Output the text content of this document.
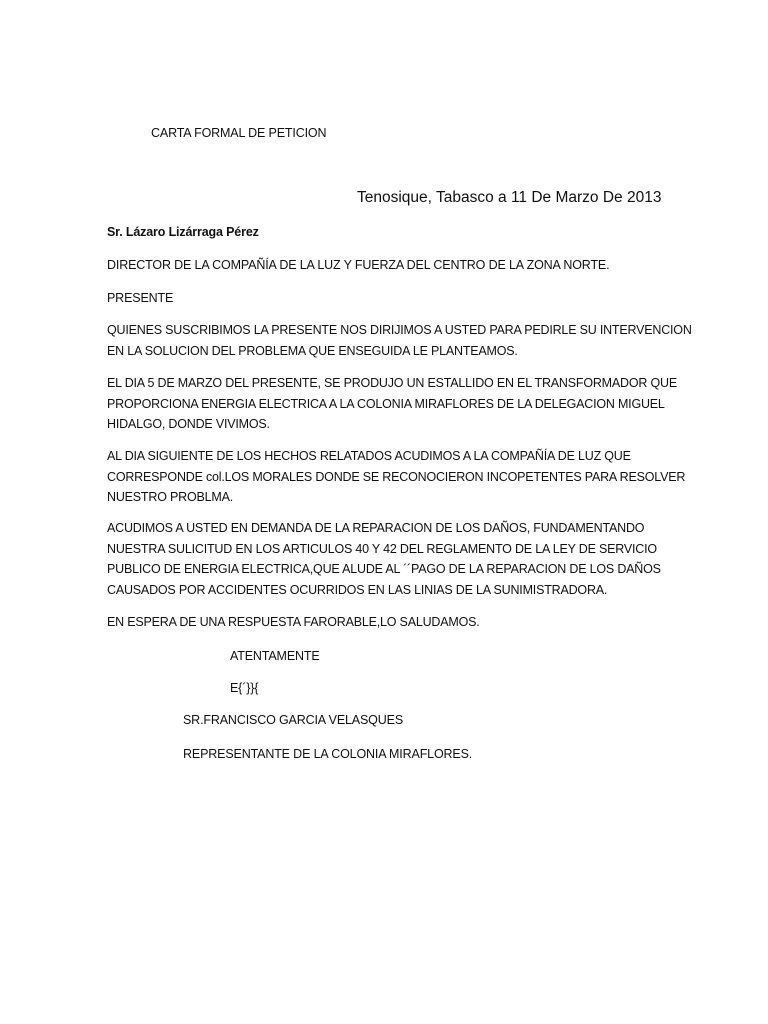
CARTA FORMAL DE PETICION
Tenosique, Tabasco a 11 De Marzo De 2013
Sr. Lázaro Lizárraga Pérez
DIRECTOR DE LA COMPAÑÍA DE LA LUZ Y FUERZA DEL CENTRO DE LA ZONA NORTE.
PRESENTE
QUIENES SUSCRIBIMOS LA PRESENTE NOS DIRIJIMOS A USTED PARA PEDIRLE SU INTERVENCION
EN LA SOLUCION DEL PROBLEMA QUE ENSEGUIDA LE PLANTEAMOS.
EL DIA 5 DE MARZO DEL PRESENTE, SE PRODUJO UN ESTALLIDO EN EL TRANSFORMADOR QUE
PROPORCIONA ENERGIA ELECTRICA A LA COLONIA MIRAFLORES DE LA DELEGACION MIGUEL
HIDALGO, DONDE VIVIMOS.
AL DIA SIGUIENTE DE LOS HECHOS RELATADOS ACUDIMOS A LA COMPAÑÍA DE LUZ QUE
CORRESPONDE col.LOS MORALES DONDE SE RECONOCIERON INCOPETENTES PARA RESOLVER
NUESTRO PROBLMA.
ACUDIMOS A USTED EN DEMANDA DE LA REPARACION DE LOS DAÑOS, FUNDAMENTANDO
NUESTRA SULICITUD EN LOS ARTICULOS 40 Y 42 DEL REGLAMENTO DE LA LEY DE SERVICIO
PUBLICO DE ENERGIA ELECTRICA,QUE ALUDE AL ´´PAGO DE LA REPARACION DE LOS DAÑOS
CAUSADOS POR ACCIDENTES OCURRIDOS EN LAS LINIAS DE LA SUNIMISTRADORA.
EN ESPERA DE UNA RESPUESTA FARORABLE,LO SALUDAMOS.
ATENTAMENTE
E{´}}{
SR.FRANCISCO GARCIA VELASQUES
REPRESENTANTE DE LA COLONIA MIRAFLORES.
